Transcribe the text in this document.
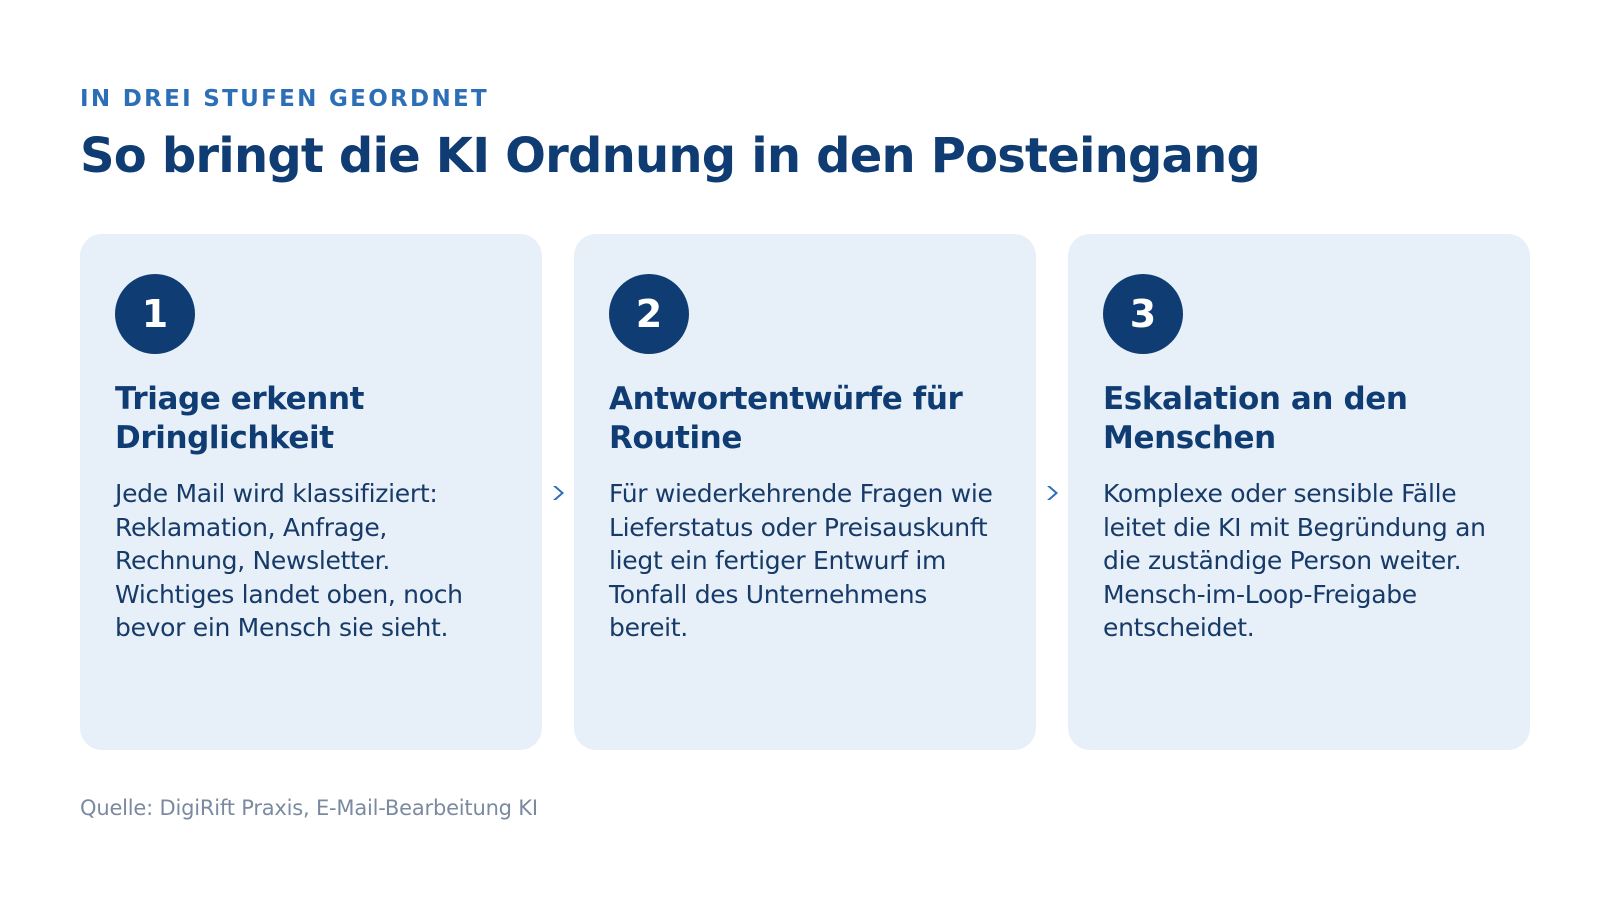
IN DREI STUFEN GEORDNET
So bringt die KI Ordnung in den Posteingang
1
Triage erkennt Dringlichkeit

Jede Mail wird klassifiziert: Reklamation, Anfrage, Rechnung, Newsletter. Wichtiges landet oben, noch bevor ein Mensch sie sieht.

2
Antwortentwürfe für Routine

Für wiederkehrende Fragen wie Lieferstatus oder Preisauskunft liegt ein fertiger Entwurf im Tonfall des Unternehmens bereit.

3
Eskalation an den Menschen

Komplexe oder sensible Fälle leitet die KI mit Begründung an die zuständige Person weiter. Mensch-im-Loop-Freigabe entscheidet.

Quelle: DigiRift Praxis, E-Mail-Bearbeitung KI
